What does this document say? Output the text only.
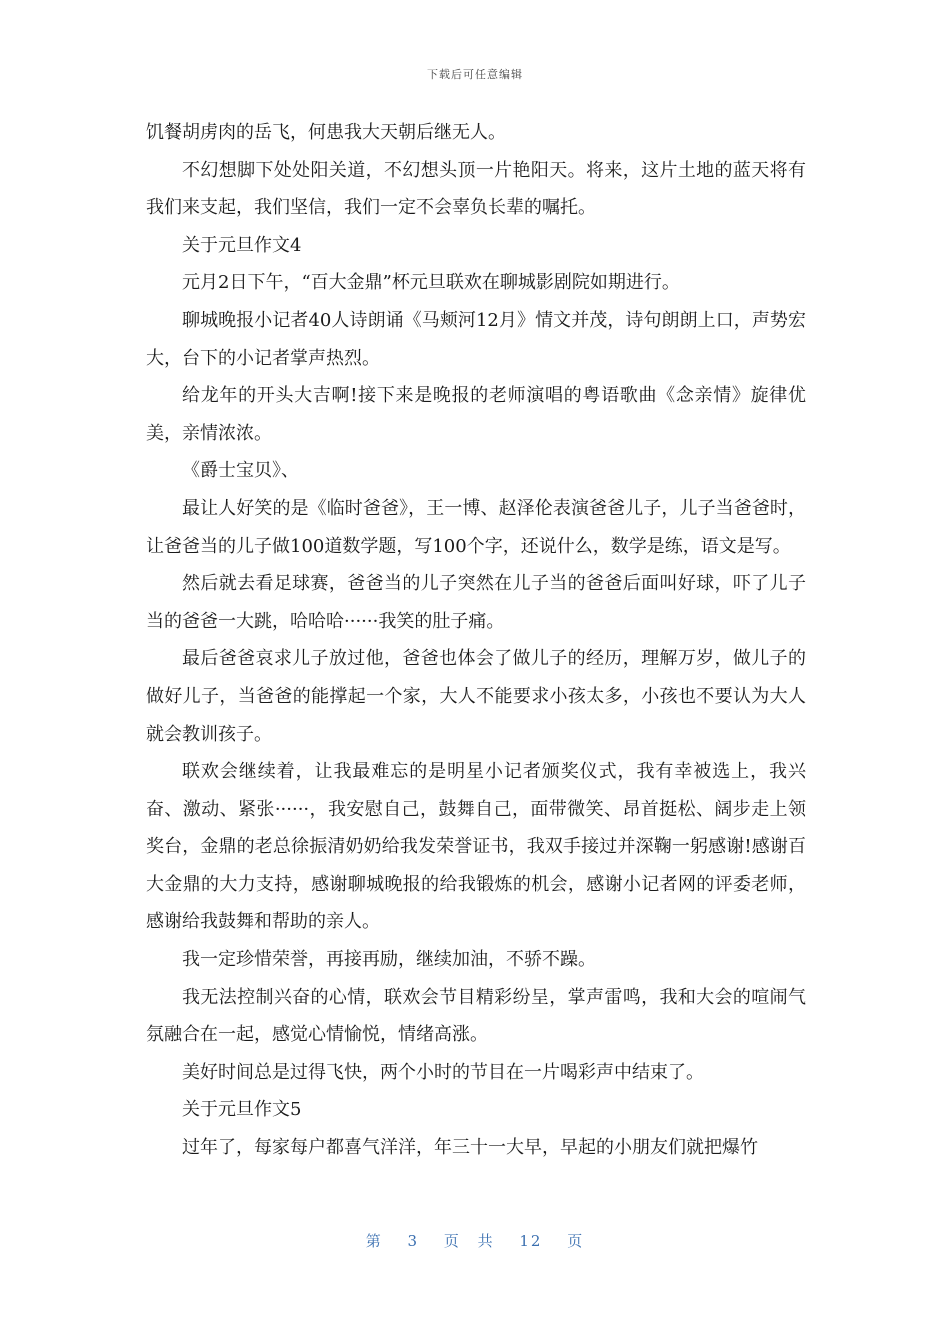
下载后可任意编辑

饥餐胡虏肉的岳飞，何患我大天朝后继无人。

不幻想脚下处处阳关道，不幻想头顶一片艳阳天。将来，这片土地的蓝天将有我们来支起，我们坚信，我们一定不会辜负长辈的嘱托。

关于元旦作文4

元月2日下午，“百大金鼎”杯元旦联欢在聊城影剧院如期进行。

聊城晚报小记者40人诗朗诵《马颊河12月》情文并茂，诗句朗朗上口，声势宏大，台下的小记者掌声热烈。

给龙年的开头大吉啊!接下来是晚报的老师演唱的粤语歌曲《念亲情》旋律优美，亲情浓浓。

《爵士宝贝》、

最让人好笑的是《临时爸爸》，王一博、赵泽伦表演爸爸儿子，儿子当爸爸时，让爸爸当的儿子做100道数学题，写100个字，还说什么，数学是练，语文是写。

然后就去看足球赛，爸爸当的儿子突然在儿子当的爸爸后面叫好球，吓了儿子当的爸爸一大跳，哈哈哈······我笑的肚子痛。

最后爸爸哀求儿子放过他，爸爸也体会了做儿子的经历，理解万岁，做儿子的做好儿子，当爸爸的能撑起一个家，大人不能要求小孩太多，小孩也不要认为大人就会教训孩子。

联欢会继续着，让我最难忘的是明星小记者颁奖仪式，我有幸被选上，我兴奋、激动、紧张······，我安慰自己，鼓舞自己，面带微笑、昂首挺松、阔步走上领奖台，金鼎的老总徐振清奶奶给我发荣誉证书，我双手接过并深鞠一躬感谢!感谢百大金鼎的大力支持，感谢聊城晚报的给我锻炼的机会，感谢小记者网的评委老师，感谢给我鼓舞和帮助的亲人。

我一定珍惜荣誉，再接再励，继续加油，不骄不躁。

我无法控制兴奋的心情，联欢会节目精彩纷呈，掌声雷鸣，我和大会的喧闹气氛融合在一起，感觉心情愉悦，情绪高涨。

美好时间总是过得飞快，两个小时的节目在一片喝彩声中结束了。

关于元旦作文5

过年了，每家每户都喜气洋洋，年三十一大早，早起的小朋友们就把爆竹

第 3 页 共 12 页
